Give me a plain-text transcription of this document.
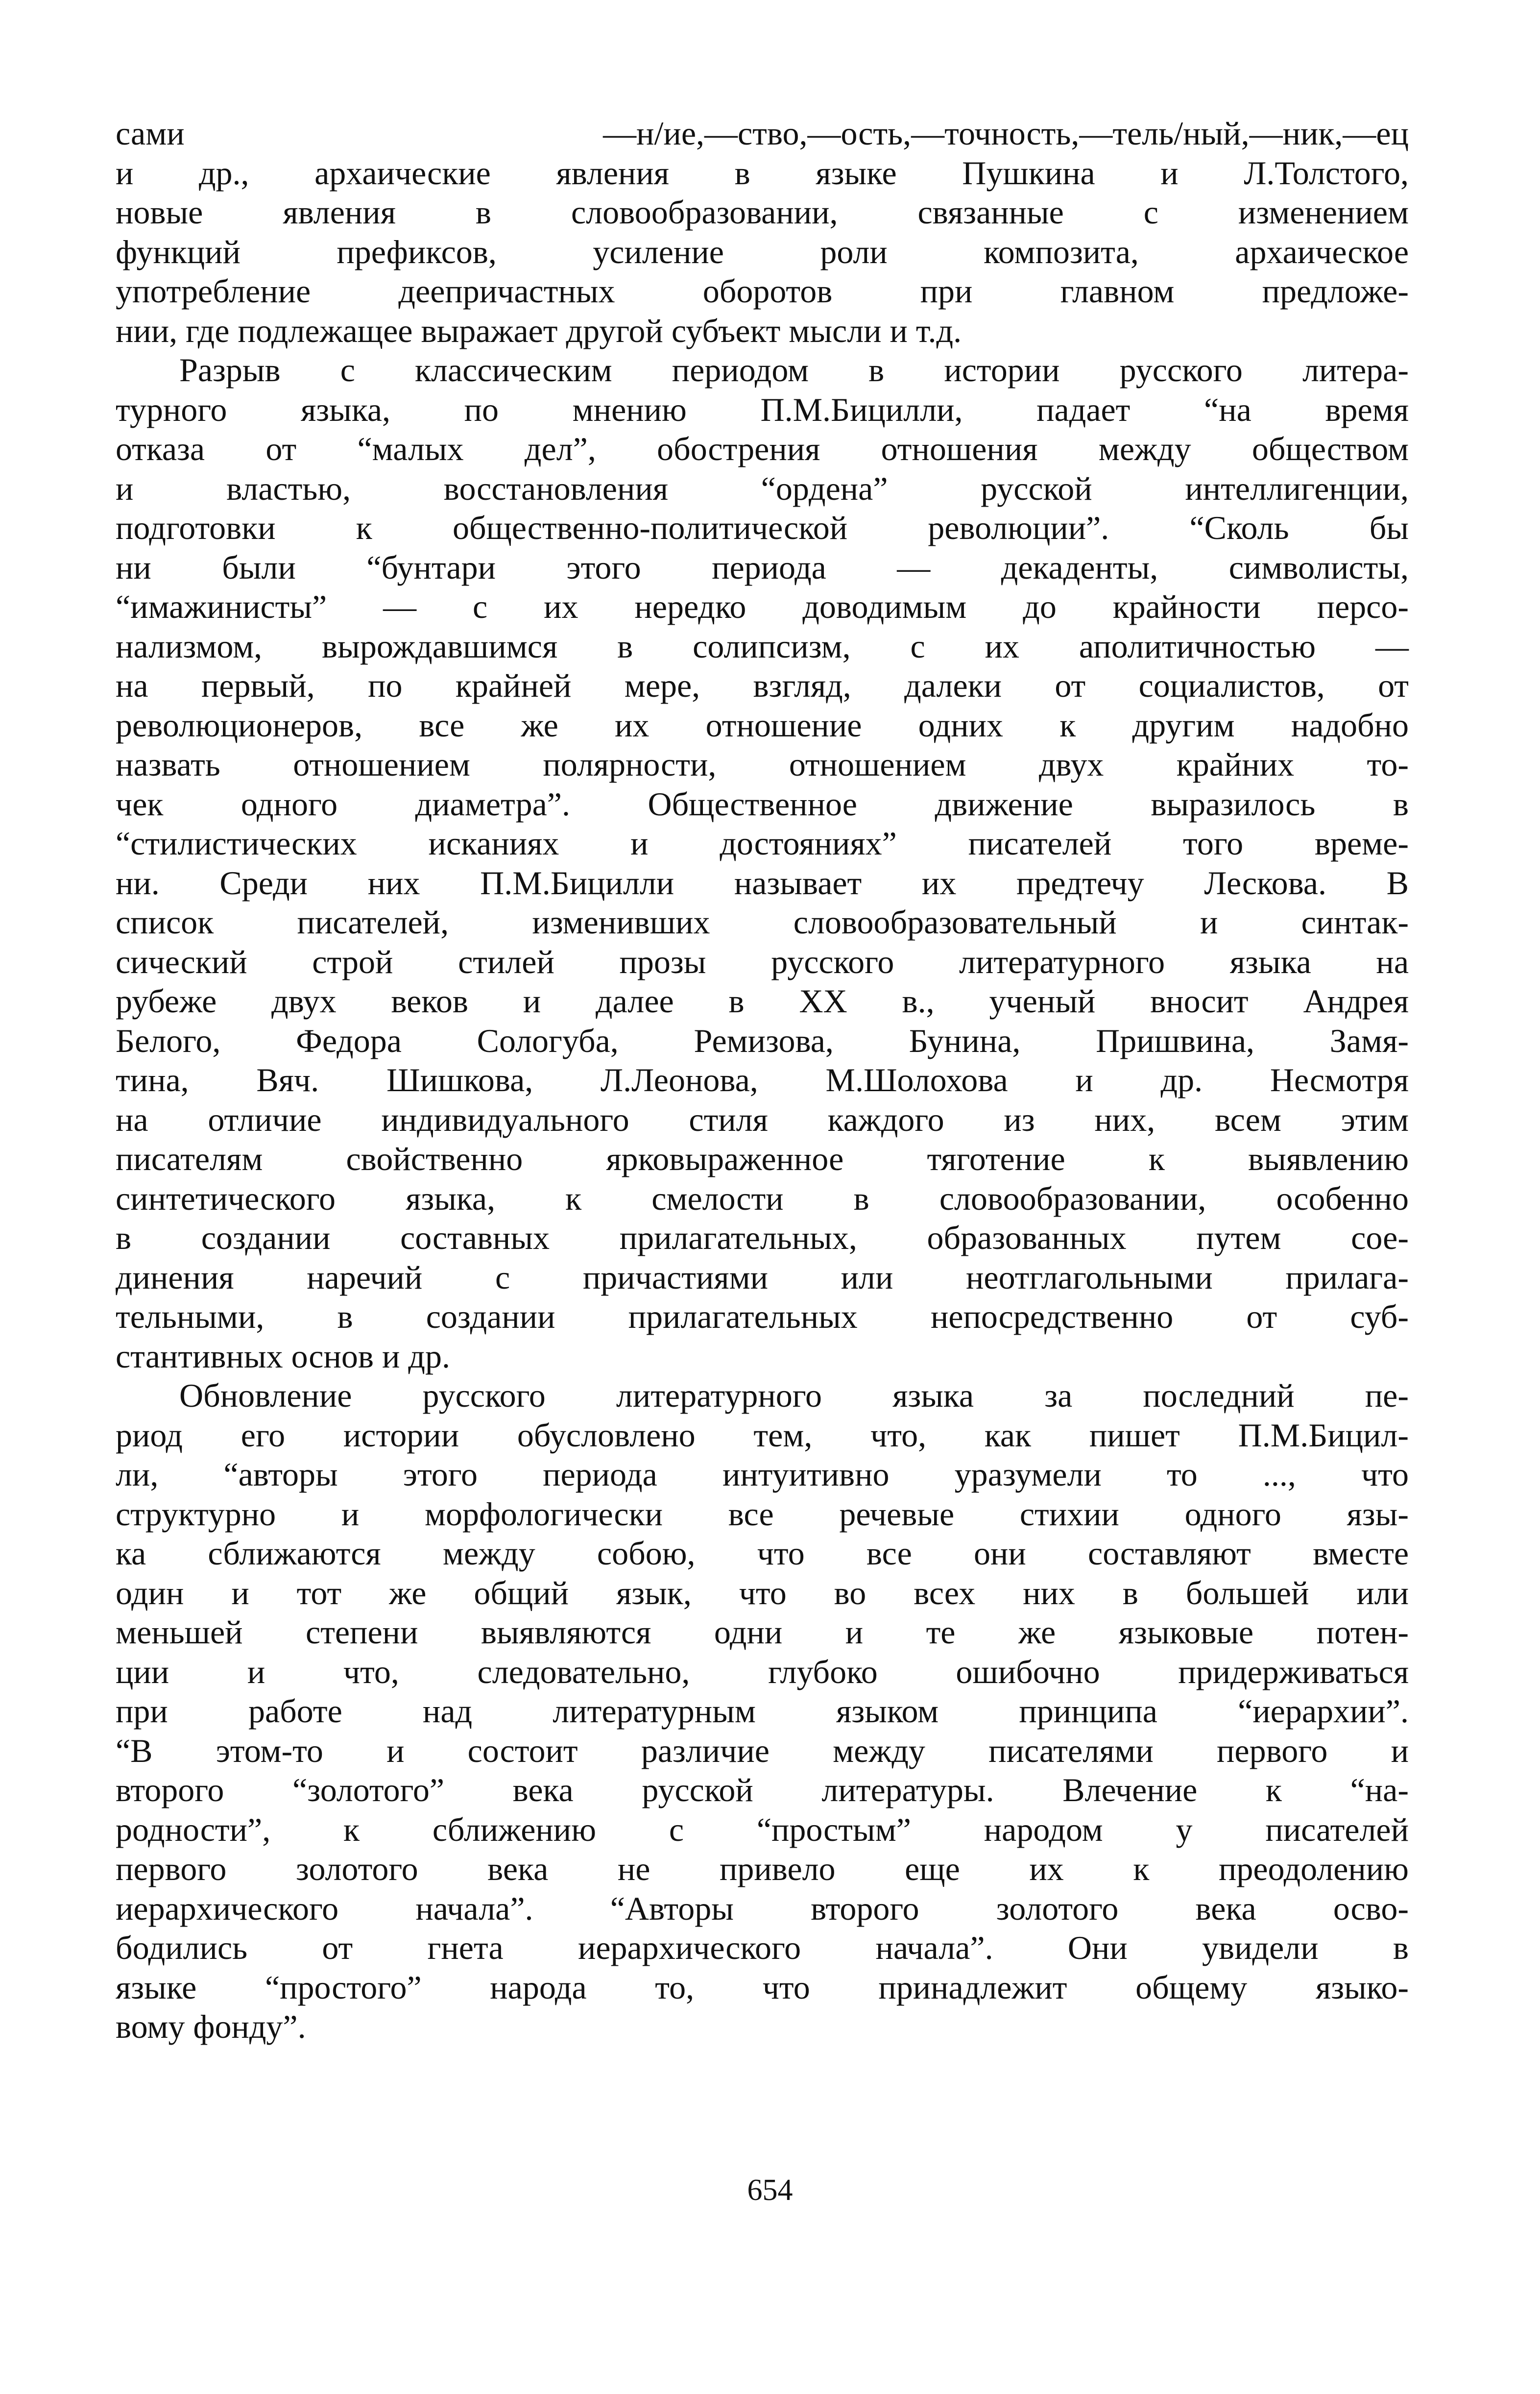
сами —н/ие,—ство,—ость,—точность,—тель/ный,—ник,—ец
и др., архаические явления в языке Пушкина и Л.Толстого,
новые явления в словообразовании, связанные с изменением
функций префиксов, усиление роли композита, архаическое
употребление деепричастных оборотов при главном предложе-
нии, где подлежащее выражает другой субъект мысли и т.д.
Разрыв с классическим периодом в истории русского литера-
турного языка, по мнению П.М.Бицилли, падает “на время
отказа от “малых дел”, обострения отношения между обществом
и властью, восстановления “ордена” русской интеллигенции,
подготовки к общественно-политической революции”. “Сколь бы
ни были “бунтари этого периода — декаденты, символисты,
“имажинисты” — с их нередко доводимым до крайности персо-
нализмом, вырождавшимся в солипсизм, с их аполитичностью —
на первый, по крайней мере, взгляд, далеки от социалистов, от
революционеров, все же их отношение одних к другим надобно
назвать отношением полярности, отношением двух крайних то-
чек одного диаметра”. Общественное движение выразилось в
“стилистических исканиях и достояниях” писателей того време-
ни. Среди них П.М.Бицилли называет их предтечу Лескова. В
список писателей, изменивших словообразовательный и синтак-
сический строй стилей прозы русского литературного языка на
рубеже двух веков и далее в XX в., ученый вносит Андрея
Белого, Федора Сологуба, Ремизова, Бунина, Пришвина, Замя-
тина, Вяч. Шишкова, Л.Леонова, М.Шолохова и др. Несмотря
на отличие индивидуального стиля каждого из них, всем этим
писателям свойственно ярковыраженное тяготение к выявлению
синтетического языка, к смелости в словообразовании, особенно
в создании составных прилагательных, образованных путем сое-
динения наречий с причастиями или неотглагольными прилага-
тельными, в создании прилагательных непосредственно от суб-
стантивных основ и др.
Обновление русского литературного языка за последний пе-
риод его истории обусловлено тем, что, как пишет П.М.Бицил-
ли, “авторы этого периода интуитивно уразумели то ..., что
структурно и морфологически все речевые стихии одного язы-
ка сближаются между собою, что все они составляют вместе
один и тот же общий язык, что во всех них в большей или
меньшей степени выявляются одни и те же языковые потен-
ции и что, следовательно, глубоко ошибочно придерживаться
при работе над литературным языком принципа “иерархии”.
“В этом-то и состоит различие между писателями первого и
второго “золотого” века русской литературы. Влечение к “на-
родности”, к сближению с “простым” народом у писателей
первого золотого века не привело еще их к преодолению
иерархического начала”. “Авторы второго золотого века осво-
бодились от гнета иерархического начала”. Они увидели в
языке “простого” народа то, что принадлежит общему языко-
вому фонду”.
654
